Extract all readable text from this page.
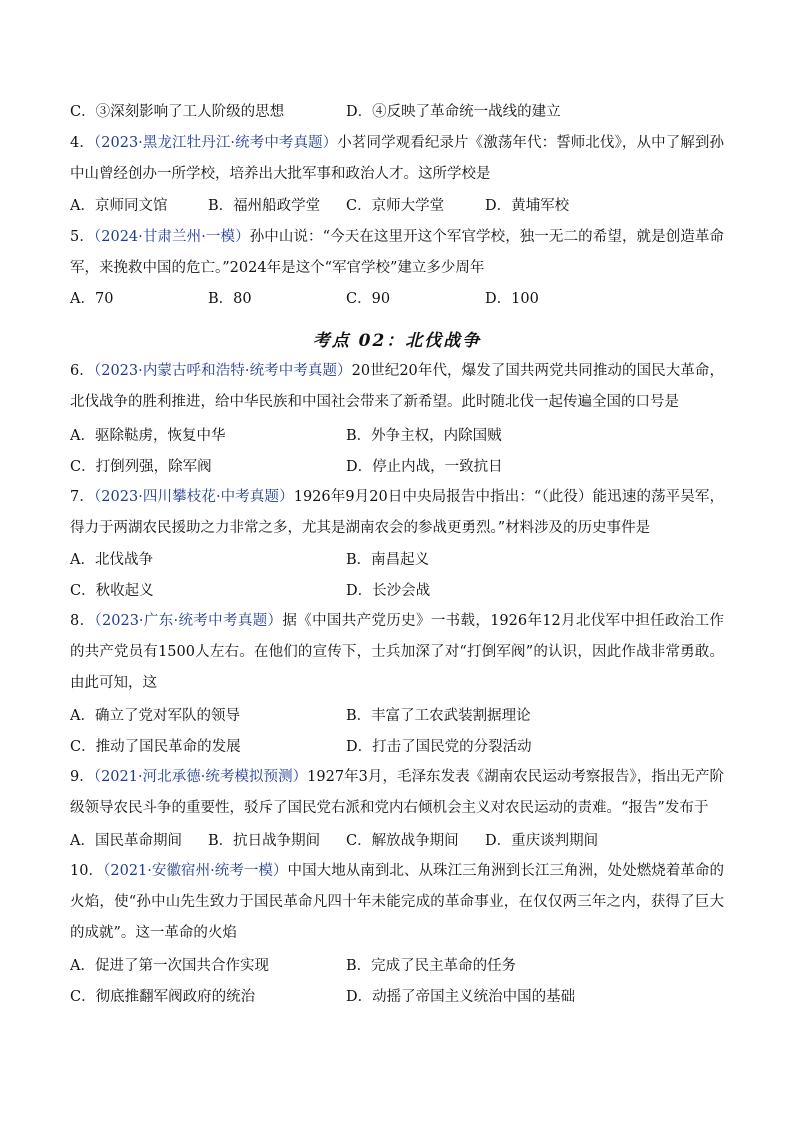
C．③深刻影响了工人阶级的思想	D．④反映了革命统一战线的建立
4．（2023·黑龙江牡丹江·统考中考真题）小茗同学观看纪录片《激荡年代：誓师北伐》，从中了解到孙中山曾经创办一所学校，培养出大批军事和政治人才。这所学校是
A．京师同文馆	B．福州船政学堂 C．京师大学堂	D．黄埔军校
5．（2024·甘肃兰州·一模）孙中山说：“今天在这里开这个军官学校，独一无二的希望，就是创造革命军，来挽救中国的危亡。”2024年是这个“军官学校”建立多少周年
A．70	B．80	C．90	D．100
考点 02：北伐战争
6．（2023·内蒙古呼和浩特·统考中考真题）20世纪20年代，爆发了国共两党共同推动的国民大革命，北伐战争的胜利推进，给中华民族和中国社会带来了新希望。此时随北伐一起传遍全国的口号是
A．驱除鞑虏，恢复中华	B．外争主权，内除国贼
C．打倒列强，除军阀	D．停止内战，一致抗日
7．（2023·四川攀枝花·中考真题）1926年9月20日中央局报告中指出：“（此役）能迅速的荡平吴军，得力于两湖农民援助之力非常之多，尤其是湖南农会的参战更勇烈。”材料涉及的历史事件是
A．北伐战争	B．南昌起义
C．秋收起义	D．长沙会战
8．（2023·广东·统考中考真题）据《中国共产党历史》一书载，1926年12月北伐军中担任政治工作的共产党员有1500人左右。在他们的宣传下，士兵加深了对“打倒军阀”的认识，因此作战非常勇敢。由此可知，这
A．确立了党对军队的领导	B．丰富了工农武装割据理论
C．推动了国民革命的发展	D．打击了国民党的分裂活动
9．（2021·河北承德·统考模拟预测）1927年3月，毛泽东发表《湖南农民运动考察报告》，指出无产阶级领导农民斗争的重要性，驳斥了国民党右派和党内右倾机会主义对农民运动的责难。“报告”发布于
A．国民革命期间 B．抗日战争期间 C．解放战争期间 D．重庆谈判期间
10．（2021·安徽宿州·统考一模）中国大地从南到北、从珠江三角洲到长江三角洲，处处燃烧着革命的火焰，使“孙中山先生致力于国民革命凡四十年未能完成的革命事业，在仅仅两三年之内，获得了巨大的成就”。这一革命的火焰
A．促进了第一次国共合作实现	B．完成了民主革命的任务
C．彻底推翻军阀政府的统治	D．动摇了帝国主义统治中国的基础
